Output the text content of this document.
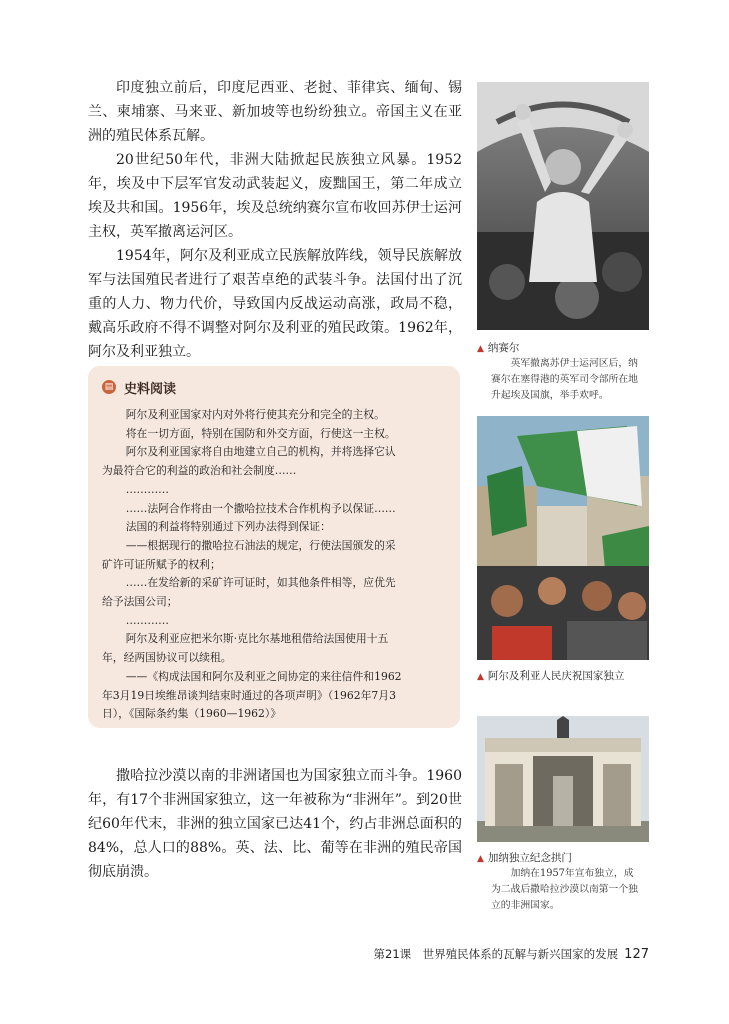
印度独立前后，印度尼西亚、老挝、菲律宾、缅甸、锡兰、柬埔寨、马来亚、新加坡等也纷纷独立。帝国主义在亚洲的殖民体系瓦解。

20世纪50年代，非洲大陆掀起民族独立风暴。1952年，埃及中下层军官发动武装起义，废黜国王，第二年成立埃及共和国。1956年，埃及总统纳赛尔宣布收回苏伊士运河主权，英军撤离运河区。

1954年，阿尔及利亚成立民族解放阵线，领导民族解放军与法国殖民者进行了艰苦卓绝的武装斗争。法国付出了沉重的人力、物力代价，导致国内反战运动高涨，政局不稳，戴高乐政府不得不调整对阿尔及利亚的殖民政策。1962年，阿尔及利亚独立。

▤ 史料阅读
阿尔及利亚国家对内对外将行使其充分和完全的主权。
将在一切方面，特别在国防和外交方面，行使这一主权。
阿尔及利亚国家将自由地建立自己的机构，并将选择它认
为最符合它的利益的政治和社会制度……
…………
……法阿合作将由一个撒哈拉技术合作机构予以保证……
法国的利益将特别通过下列办法得到保证：
——根据现行的撒哈拉石油法的规定，行使法国颁发的采
矿许可证所赋予的权利；
……在发给新的采矿许可证时，如其他条件相等，应优先
给予法国公司；
…………
阿尔及利亚应把米尔斯·克比尔基地租借给法国使用十五
年，经两国协议可以续租。
——《构成法国和阿尔及利亚之间协定的来往信件和1962
年3月19日埃维昂谈判结束时通过的各项声明》（1962年7月3
日），《国际条约集（1960—1962）》

撒哈拉沙漠以南的非洲诸国也为国家独立而斗争。1960年，有17个非洲国家独立，这一年被称为“非洲年”。到20世纪60年代末，非洲的独立国家已达41个，约占非洲总面积的84%，总人口的88%。英、法、比、葡等在非洲的殖民帝国彻底崩溃。

▲ 纳赛尔
英军撤离苏伊士运河区后，纳
赛尔在塞得港的英军司令部所在地
升起埃及国旗，举手欢呼。
▲ 阿尔及利亚人民庆祝国家独立
▲ 加纳独立纪念拱门
加纳在1957年宣布独立，成
为二战后撒哈拉沙漠以南第一个独
立的非洲国家。
第21课　世界殖民体系的瓦解与新兴国家的发展 127
